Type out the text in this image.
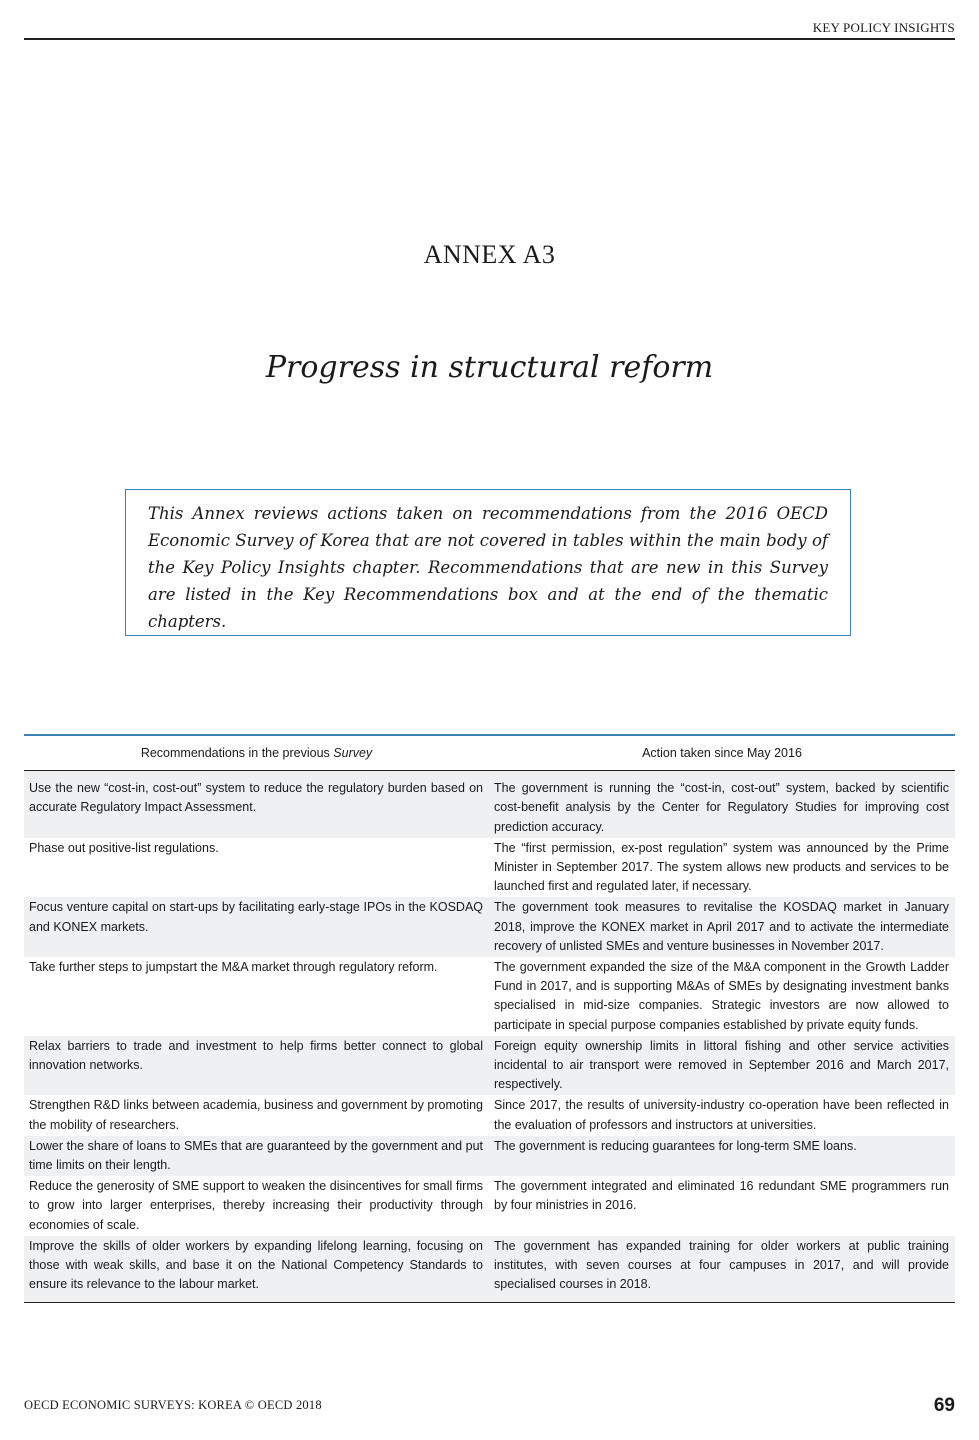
KEY POLICY INSIGHTS
ANNEX A3
Progress in structural reform

This Annex reviews actions taken on recommendations from the 2016 OECD Economic Survey of Korea that are not covered in tables within the main body of the Key Policy Insights chapter. Recommendations that are new in this Survey are listed in the Key Recommendations box and at the end of the thematic chapters.

Recommendations in the previous Survey	Action taken since May 2016
Use the new “cost-in, cost-out” system to reduce the regulatory burden based on accurate Regulatory Impact Assessment.	The government is running the “cost-in, cost-out” system, backed by scientific cost-benefit analysis by the Center for Regulatory Studies for improving cost prediction accuracy.
Phase out positive-list regulations.	The “first permission, ex-post regulation” system was announced by the Prime Minister in September 2017. The system allows new products and services to be launched first and regulated later, if necessary.
Focus venture capital on start-ups by facilitating early-stage IPOs in the KOSDAQ and KONEX markets.	The government took measures to revitalise the KOSDAQ market in January 2018, improve the KONEX market in April 2017 and to activate the intermediate recovery of unlisted SMEs and venture businesses in November 2017.
Take further steps to jumpstart the M&A market through regulatory reform.	The government expanded the size of the M&A component in the Growth Ladder Fund in 2017, and is supporting M&As of SMEs by designating investment banks specialised in mid-size companies. Strategic investors are now allowed to participate in special purpose companies established by private equity funds.
Relax barriers to trade and investment to help firms better connect to global innovation networks.	Foreign equity ownership limits in littoral fishing and other service activities incidental to air transport were removed in September 2016 and March 2017, respectively.
Strengthen R&D links between academia, business and government by promoting the mobility of researchers.	Since 2017, the results of university-industry co-operation have been reflected in the evaluation of professors and instructors at universities.
Lower the share of loans to SMEs that are guaranteed by the government and put time limits on their length.	The government is reducing guarantees for long-term SME loans.
Reduce the generosity of SME support to weaken the disincentives for small firms to grow into larger enterprises, thereby increasing their productivity through economies of scale.	The government integrated and eliminated 16 redundant SME programmers run by four ministries in 2016.
Improve the skills of older workers by expanding lifelong learning, focusing on those with weak skills, and base it on the National Competency Standards to ensure its relevance to the labour market.	The government has expanded training for older workers at public training institutes, with seven courses at four campuses in 2017, and will provide specialised courses in 2018.
OECD ECONOMIC SURVEYS: KOREA © OECD 2018	69
